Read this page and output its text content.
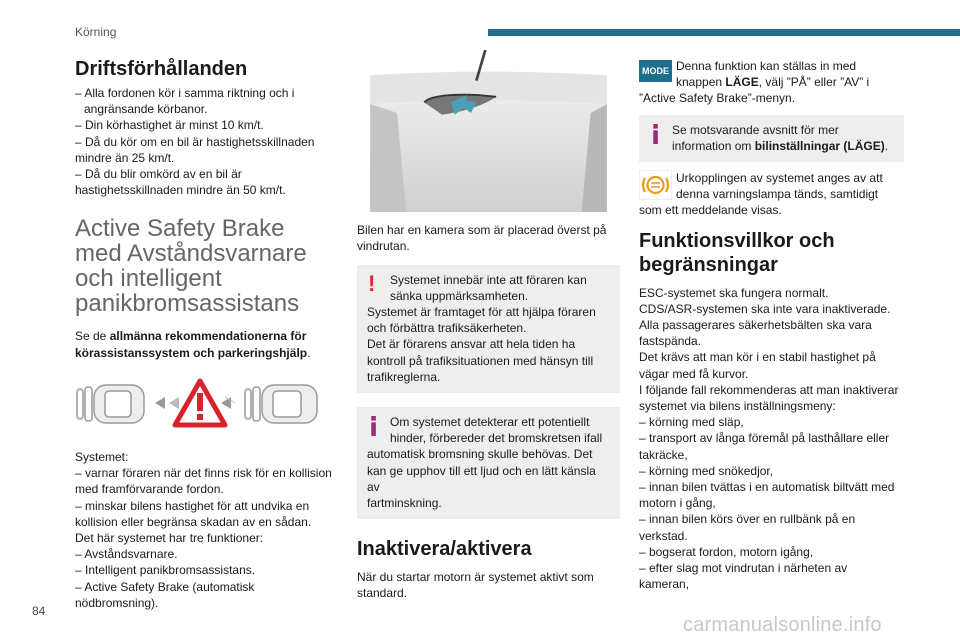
Körning
84
carmanualsonline.info
Driftsförhållanden
– Alla fordonen kör i samma riktning och i
angränsande körbanor.
– Din körhastighet är minst 10 km/t.
– Då du kör om en bil är hastighetsskillnaden
mindre än 25 km/t.
– Då du blir omkörd av en bil är
hastighetsskillnaden mindre än 50 km/t.
Active Safety Brake
med Avståndsvarnare
och intelligent
panikbromsassistans

Se de allmänna rekommendationerna för körassistanssystem och parkeringshjälp.

Systemet:
– varnar föraren när det finns risk för en kollision
med framförvarande fordon.
– minskar bilens hastighet för att undvika en
kollision eller begränsa skadan av en sådan.
Det här systemet har tre funktioner:
– Avståndsvarnare.
– Intelligent panikbromsassistans.
– Active Safety Brake (automatisk
nödbromsning).

Bilen har en kamera som är placerad överst på vindrutan.

!	Systemet innebär inte att föraren kan
sänka uppmärksamheten.
Systemet är framtaget för att hjälpa föraren
och förbättra trafiksäkerheten.
Det är förarens ansvar att hela tiden ha
kontroll på trafiksituationen med hänsyn till
trafikreglerna.
Om systemet detekterar ett potentiellt
hinder, förbereder det bromskretsen ifall
automatisk bromsning skulle behövas. Det
kan ge upphov till ett ljud och en lätt känsla av
fartminskning.
Inaktivera/aktivera

När du startar motorn är systemet aktivt som standard.

MODE Denna funktion kan ställas in med
knappen LÄGE, välj ”PÅ” eller ”AV” i
”Active Safety Brake”-menyn.
Se motsvarande avsnitt för mer
information om bilinställningar (LÄGE).
Urkopplingen av systemet anges av att
denna varningslampa tänds, samtidigt
som ett meddelande visas.
Funktionsvillkor och
begränsningar
ESC-systemet ska fungera normalt.
CDS/ASR-systemen ska inte vara inaktiverade.
Alla passagerares säkerhetsbälten ska vara
fastspända.
Det krävs att man kör i en stabil hastighet på
vägar med få kurvor.
I följande fall rekommenderas att man inaktiverar
systemet via bilens inställningsmeny:
– körning med släp,
– transport av långa föremål på lasthållare eller
takräcke,
– körning med snökedjor,
– innan bilen tvättas i en automatisk biltvätt med
motorn i gång,
– innan bilen körs över en rullbänk på en
verkstad.
– bogserat fordon, motorn igång,
– efter slag mot vindrutan i närheten av
kameran,
